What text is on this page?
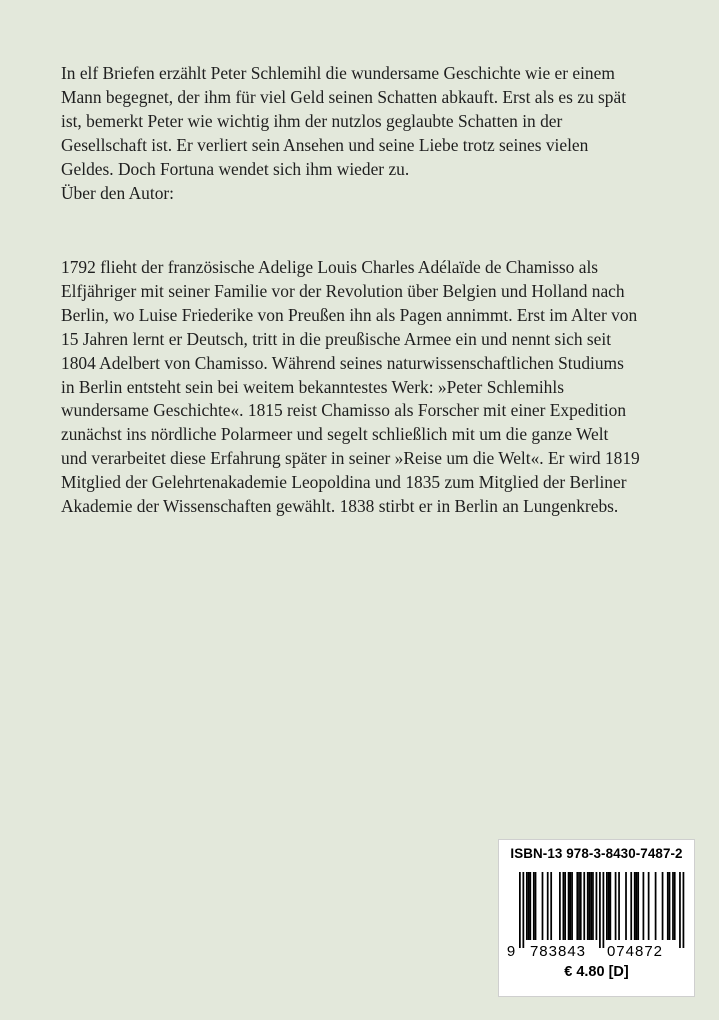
In elf Briefen erzählt Peter Schlemihl die wundersame Geschichte wie er einem
Mann begegnet, der ihm für viel Geld seinen Schatten abkauft. Erst als es zu spät
ist, bemerkt Peter wie wichtig ihm der nutzlos geglaubte Schatten in der
Gesellschaft ist. Er verliert sein Ansehen und seine Liebe trotz seines vielen
Geldes. Doch Fortuna wendet sich ihm wieder zu.
Über den Autor:
1792 flieht der französische Adelige Louis Charles Adélaïde de Chamisso als
Elfjähriger mit seiner Familie vor der Revolution über Belgien und Holland nach
Berlin, wo Luise Friederike von Preußen ihn als Pagen annimmt. Erst im Alter von
15 Jahren lernt er Deutsch, tritt in die preußische Armee ein und nennt sich seit
1804 Adelbert von Chamisso. Während seines naturwissenschaftlichen Studiums
in Berlin entsteht sein bei weitem bekanntestes Werk: »Peter Schlemihls
wundersame Geschichte«. 1815 reist Chamisso als Forscher mit einer Expedition
zunächst ins nördliche Polarmeer und segelt schließlich mit um die ganze Welt
und verarbeitet diese Erfahrung später in seiner »Reise um die Welt«. Er wird 1819
Mitglied der Gelehrtenakademie Leopoldina und 1835 zum Mitglied der Berliner
Akademie der Wissenschaften gewählt. 1838 stirbt er in Berlin an Lungenkrebs.
ISBN-13 978-3-8430-7487-2
9 783843 074872
€ 4.80 [D]
